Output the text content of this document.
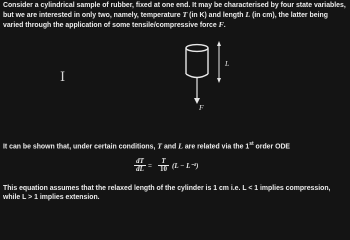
Consider a cylindrical sample of rubber, fixed at one end. It may be characterised by four state variables, but we are interested in only two, namely, temperature T (in K) and length L (in cm), the latter being varied through the application of some tensile/compressive force F.
I
L
F
It can be shown that, under certain conditions, T and L are related via the 1st order ODE
dT
dL =
T
10 (L − L⁻²)
This equation assumes that the relaxed length of the cylinder is 1 cm i.e. L < 1 implies compression, while L > 1 implies extension.
